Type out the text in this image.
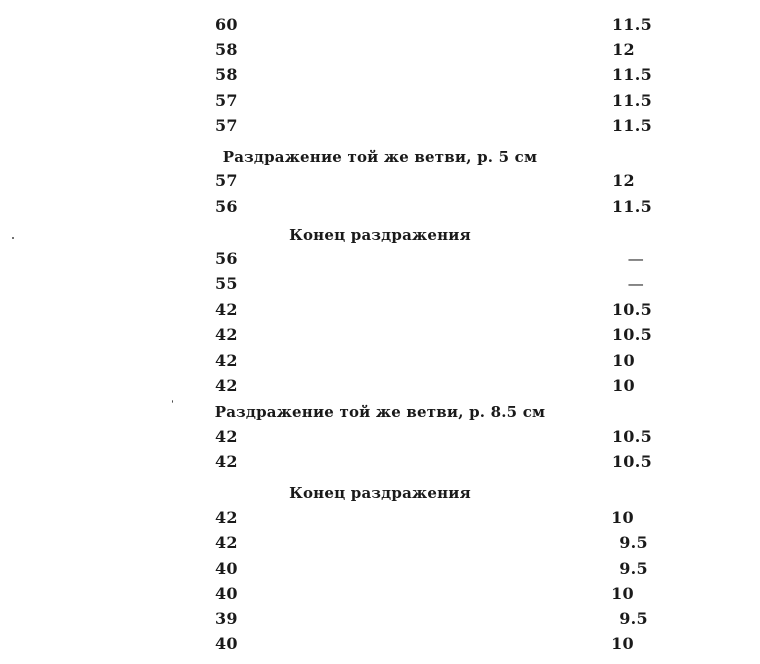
60	11.5
58	12
58	11.5
57	11.5
57	11.5
Раздражение той же ветви, р. 5 см
57	12
56	11.5
Конец раздражения
56	—
55	—
42	10.5
42	10.5
42	10
42	10
Раздражение той же ветви, р. 8.5 см
42	10.5
42	10.5
Конец раздражения
42	10
42	9.5
40	9.5
40	10
39	9.5
40	10
